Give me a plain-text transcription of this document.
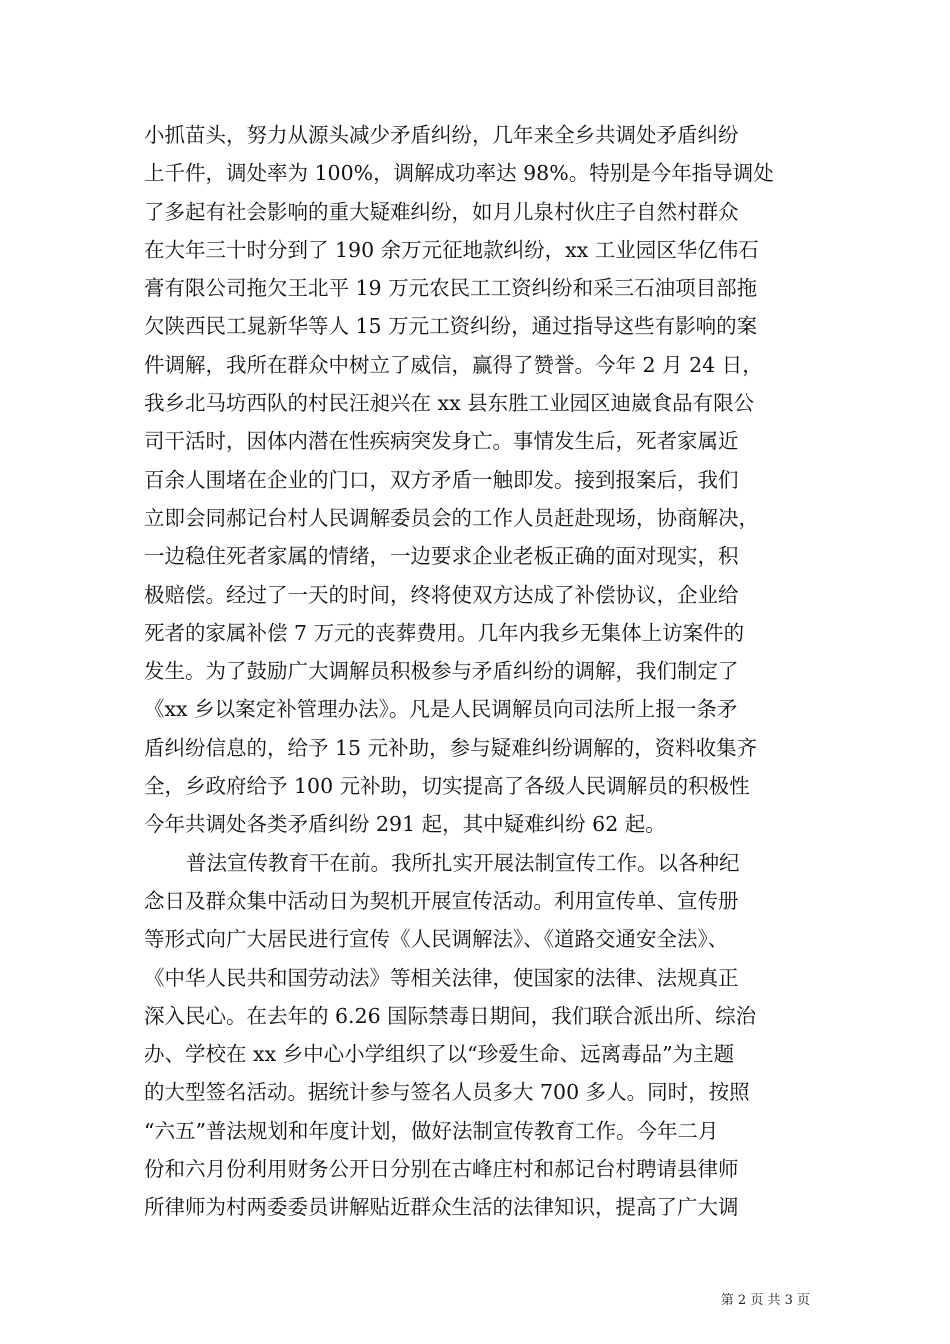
小抓苗头，努力从源头减少矛盾纠纷，几年来全乡共调处矛盾纠纷
上千件，调处率为 100%，调解成功率达 98%。特别是今年指导调处
了多起有社会影响的重大疑难纠纷，如月儿泉村伙庄子自然村群众
在大年三十时分到了 190 余万元征地款纠纷，xx 工业园区华亿伟石
膏有限公司拖欠王北平 19 万元农民工工资纠纷和采三石油项目部拖
欠陕西民工晁新华等人 15 万元工资纠纷，通过指导这些有影响的案
件调解，我所在群众中树立了威信，赢得了赞誉。今年 2 月 24 日，
我乡北马坊西队的村民汪昶兴在 xx 县东胜工业园区迪崴食品有限公
司干活时，因体内潜在性疾病突发身亡。事情发生后，死者家属近
百余人围堵在企业的门口，双方矛盾一触即发。接到报案后，我们
立即会同郝记台村人民调解委员会的工作人员赶赴现场，协商解决，
一边稳住死者家属的情绪，一边要求企业老板正确的面对现实，积
极赔偿。经过了一天的时间，终将使双方达成了补偿协议，企业给
死者的家属补偿 7 万元的丧葬费用。几年内我乡无集体上访案件的
发生。为了鼓励广大调解员积极参与矛盾纠纷的调解，我们制定了
《xx 乡以案定补管理办法》。凡是人民调解员向司法所上报一条矛
盾纠纷信息的，给予 15 元补助，参与疑难纠纷调解的，资料收集齐
全，乡政府给予 100 元补助，切实提高了各级人民调解员的积极性
今年共调处各类矛盾纠纷 291 起，其中疑难纠纷 62 起。
普法宣传教育干在前。我所扎实开展法制宣传工作。以各种纪
念日及群众集中活动日为契机开展宣传活动。利用宣传单、宣传册
等形式向广大居民进行宣传《人民调解法》、《道路交通安全法》、
《中华人民共和国劳动法》等相关法律，使国家的法律、法规真正
深入民心。在去年的 6.26 国际禁毒日期间，我们联合派出所、综治
办、学校在 xx 乡中心小学组织了以“珍爱生命、远离毒品”为主题
的大型签名活动。据统计参与签名人员多大 700 多人。同时，按照
“六五”普法规划和年度计划，做好法制宣传教育工作。今年二月
份和六月份利用财务公开日分别在古峰庄村和郝记台村聘请县律师
所律师为村两委委员讲解贴近群众生活的法律知识，提高了广大调
第 2 页 共 3 页
